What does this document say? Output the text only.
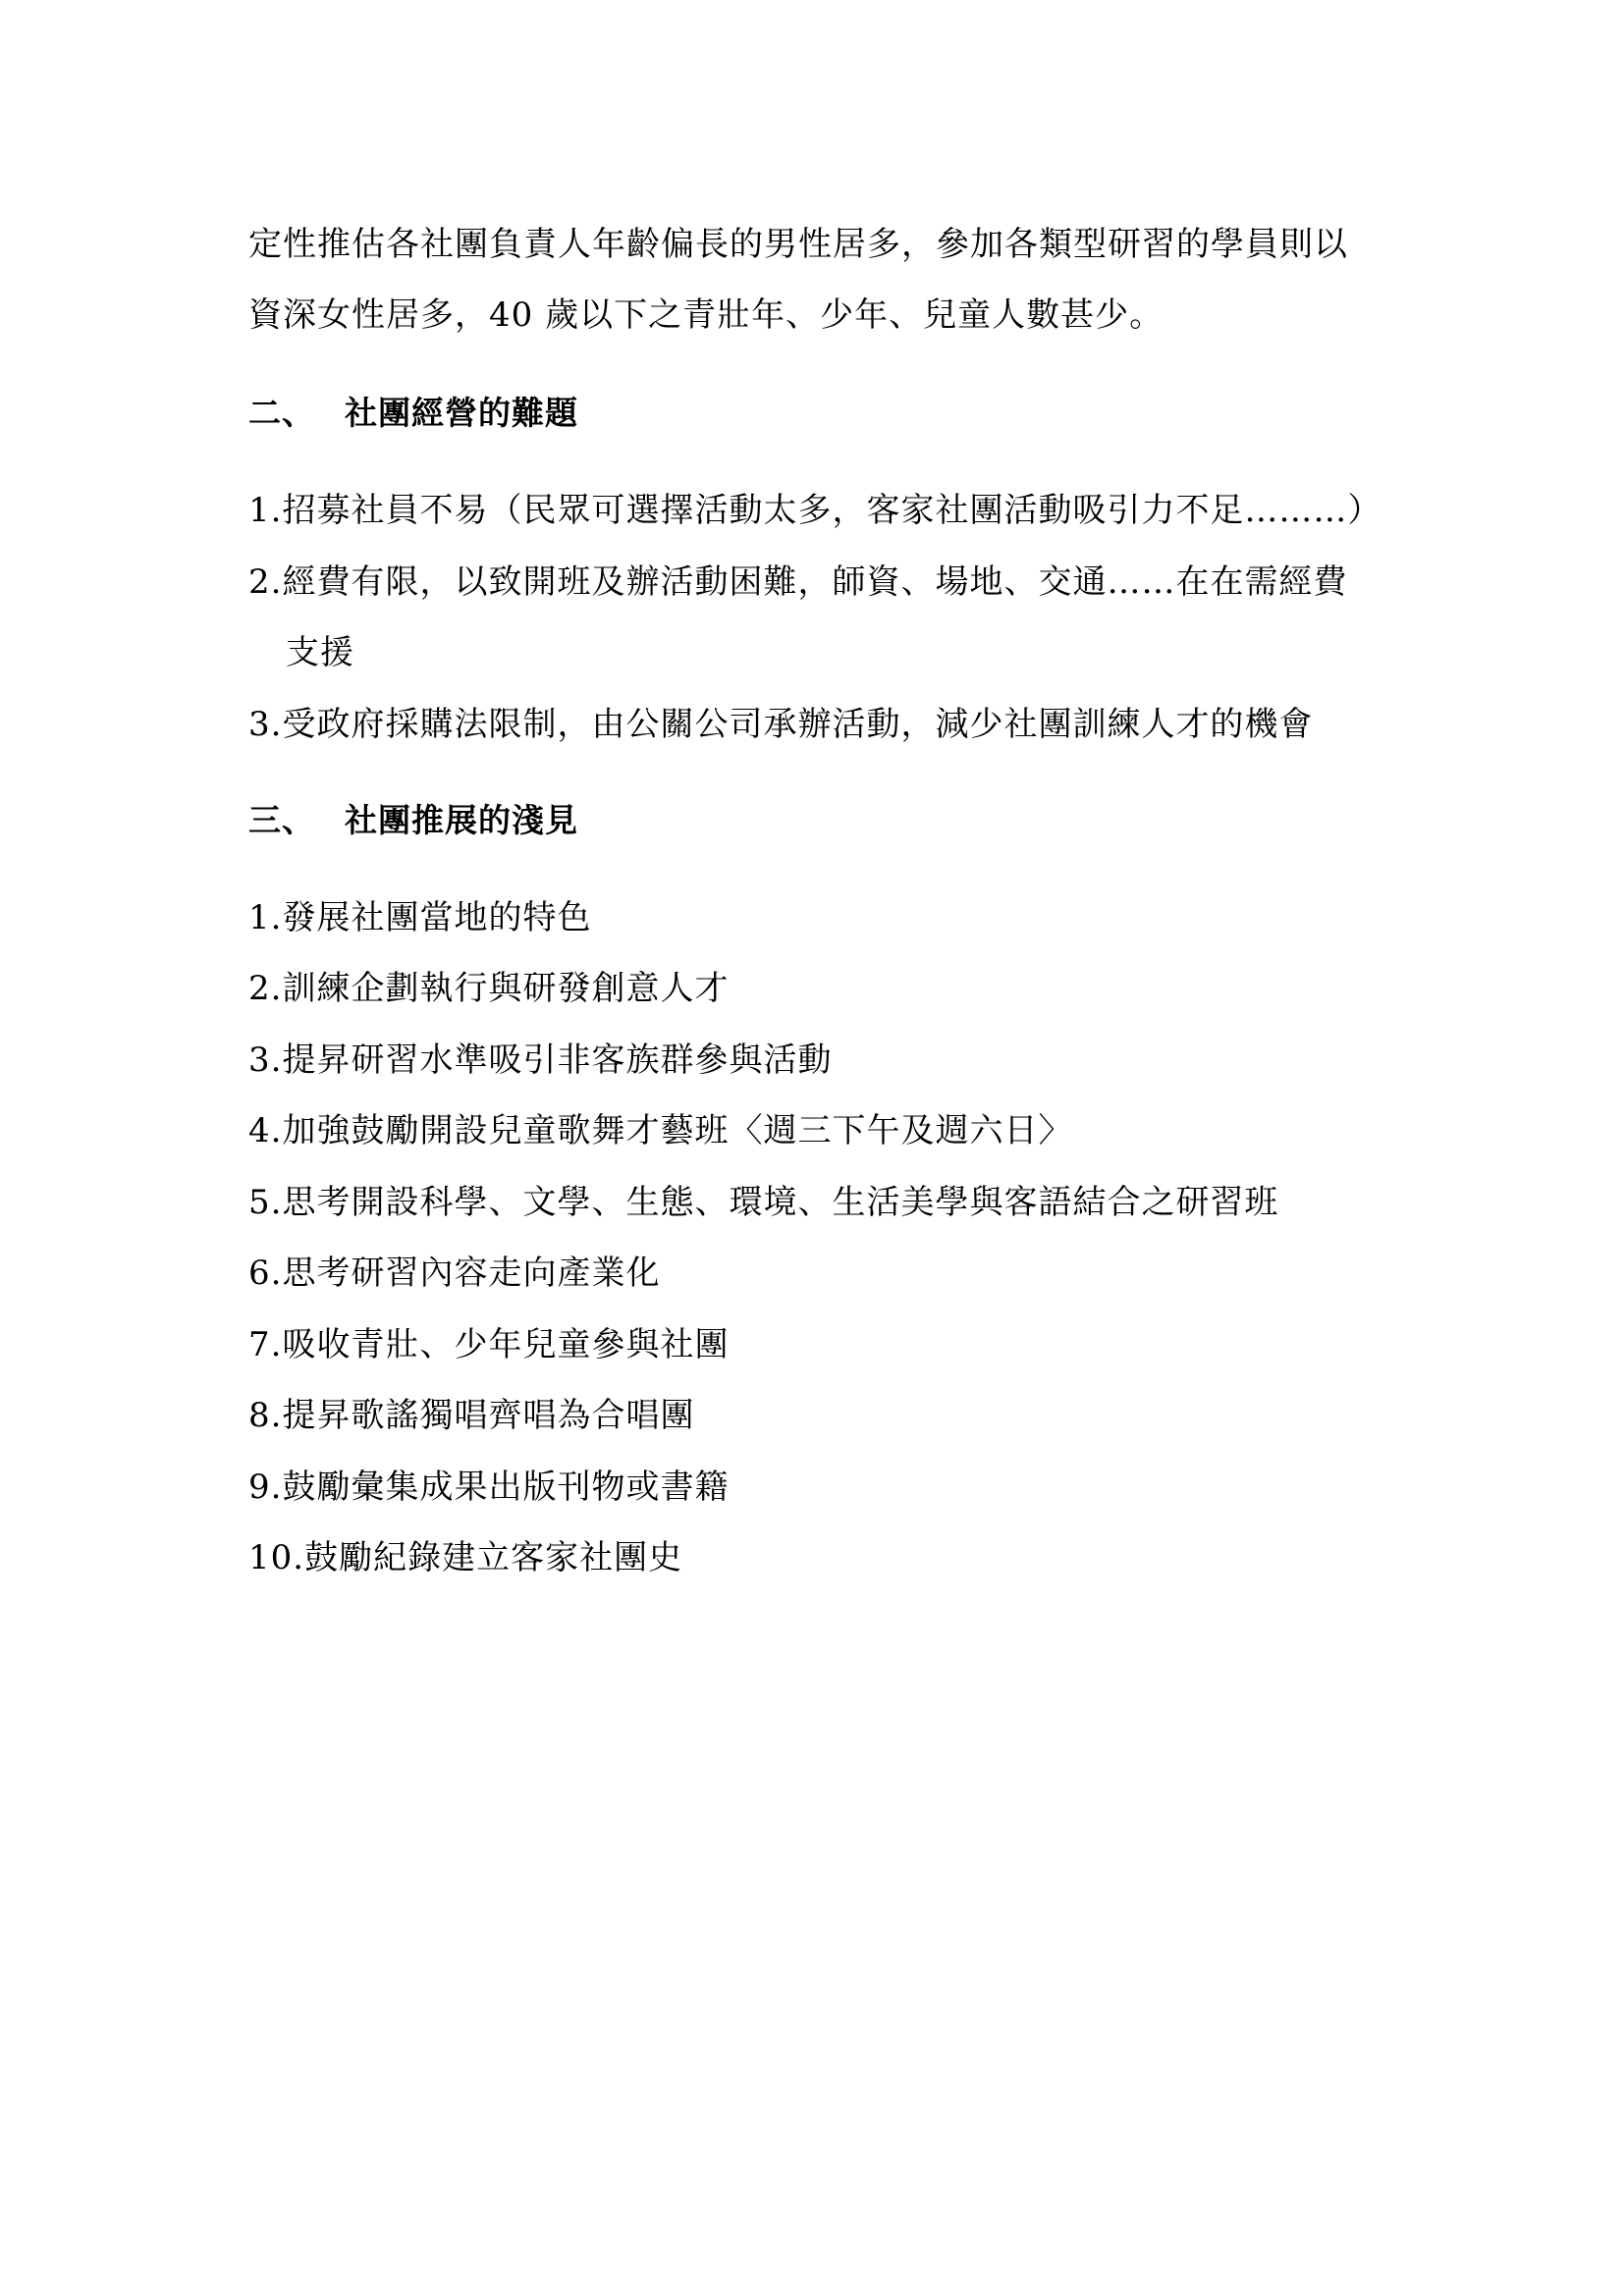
定性推估各社團負責人年齡偏長的男性居多，參加各類型研習的學員則以
資深女性居多，40 歲以下之青壯年、少年、兒童人數甚少。
二、 社團經營的難題
1.招募社員不易（民眾可選擇活動太多，客家社團活動吸引力不足………）
2.經費有限，以致開班及辦活動困難，師資、場地、交通……在在需經費
支援
3.受政府採購法限制，由公關公司承辦活動，減少社團訓練人才的機會
三、 社團推展的淺見
1.發展社團當地的特色
2.訓練企劃執行與研發創意人才
3.提昇研習水準吸引非客族群參與活動
4.加強鼓勵開設兒童歌舞才藝班〈週三下午及週六日〉
5.思考開設科學、文學、生態、環境、生活美學與客語結合之研習班
6.思考研習內容走向產業化
7.吸收青壯、少年兒童參與社團
8.提昇歌謠獨唱齊唱為合唱團
9.鼓勵彙集成果出版刊物或書籍
10.鼓勵紀錄建立客家社團史
